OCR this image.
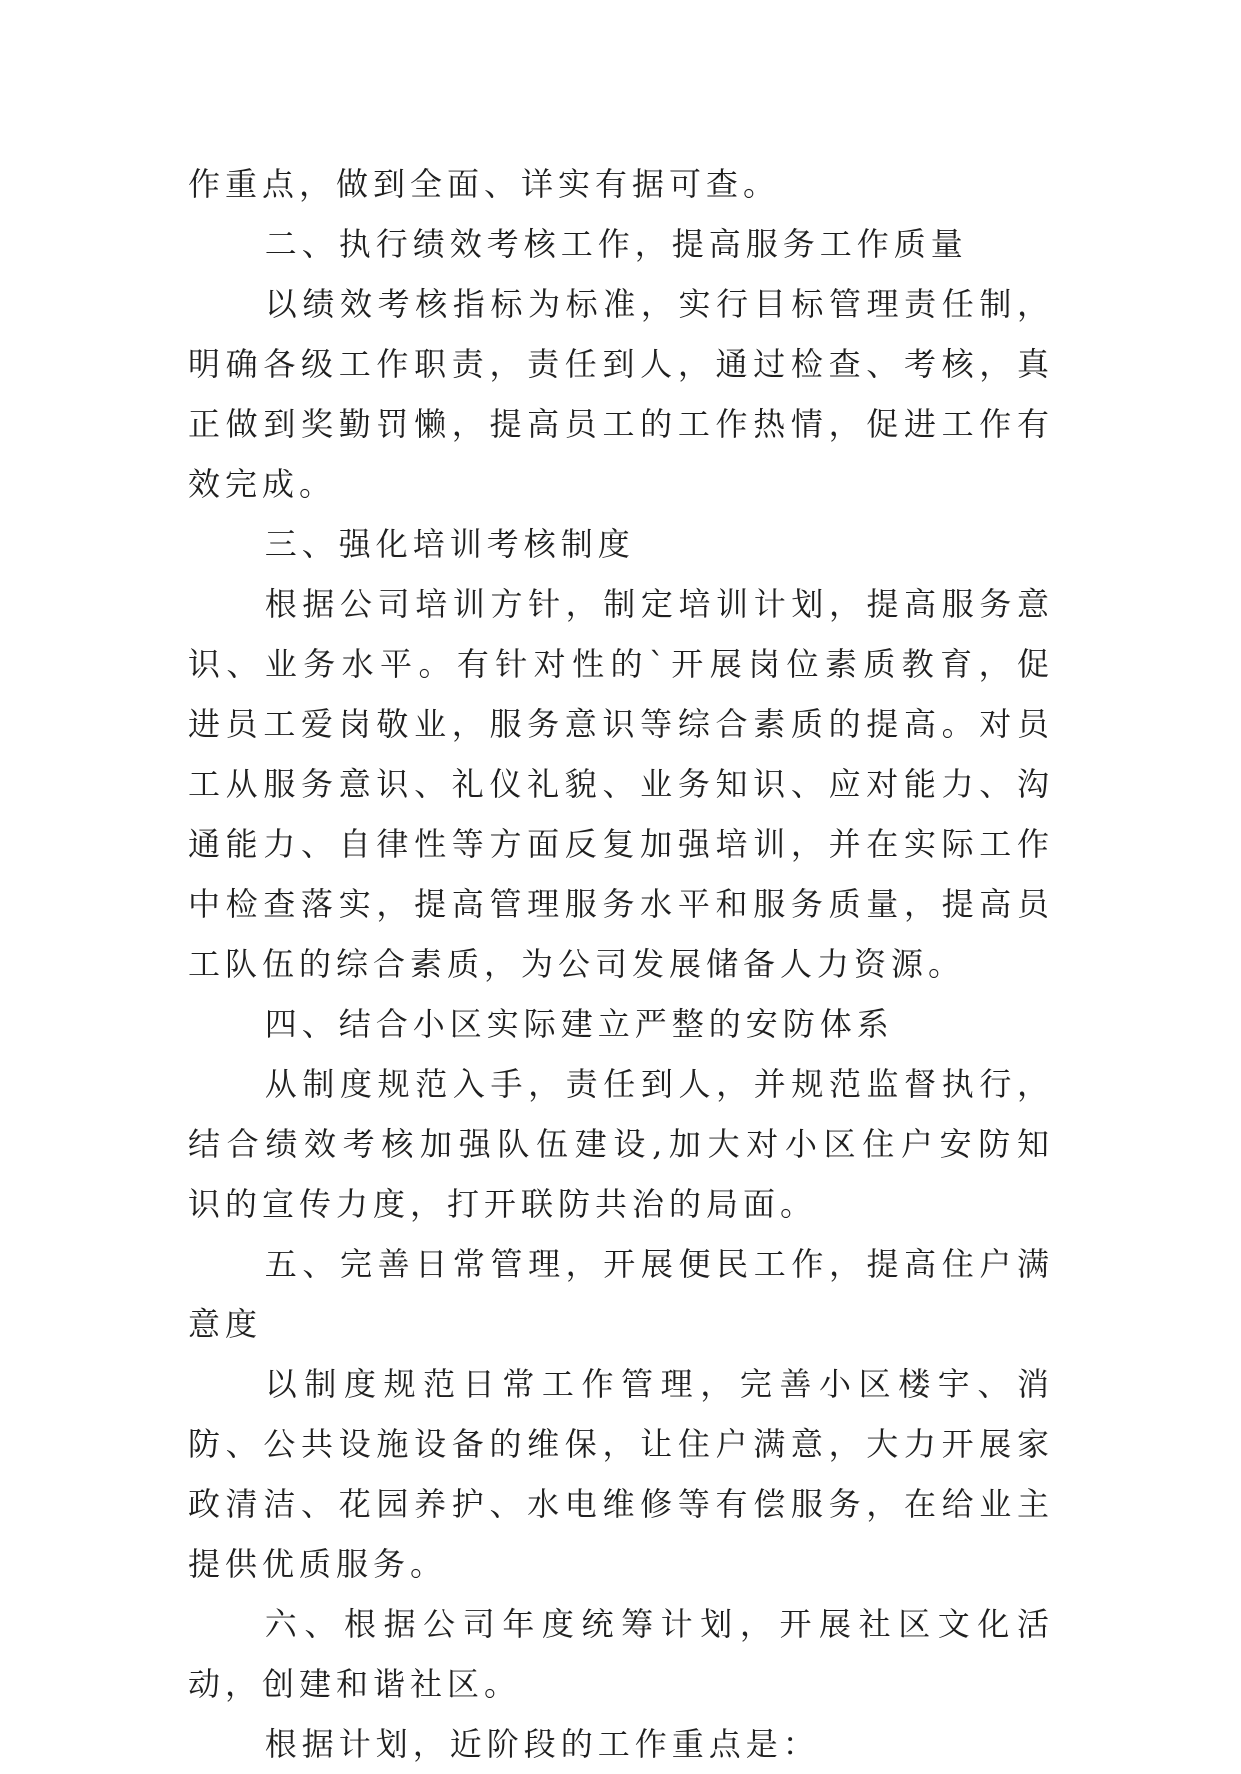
作重点，做到全面、详实有据可查。

二、执行绩效考核工作，提高服务工作质量

以绩效考核指标为标准，实行目标管理责任制，明确各级工作职责，责任到人，通过检查、考核，真正做到奖勤罚懒，提高员工的工作热情，促进工作有效完成。

三、强化培训考核制度

根据公司培训方针，制定培训计划，提高服务意识、业务水平。有针对性的`开展岗位素质教育，促进员工爱岗敬业，服务意识等综合素质的提高。对员工从服务意识、礼仪礼貌、业务知识、应对能力、沟通能力、自律性等方面反复加强培训，并在实际工作中检查落实，提高管理服务水平和服务质量，提高员工队伍的综合素质，为公司发展储备人力资源。

四、结合小区实际建立严整的安防体系

从制度规范入手，责任到人，并规范监督执行，结合绩效考核加强队伍建设,加大对小区住户安防知识的宣传力度，打开联防共治的局面。

五、完善日常管理，开展便民工作，提高住户满意度

以制度规范日常工作管理，完善小区楼宇、消防、公共设施设备的维保，让住户满意，大力开展家政清洁、花园养护、水电维修等有偿服务，在给业主提供优质服务。

六、根据公司年度统筹计划，开展社区文化活动，创建和谐社区。

根据计划，近阶段的工作重点是：
